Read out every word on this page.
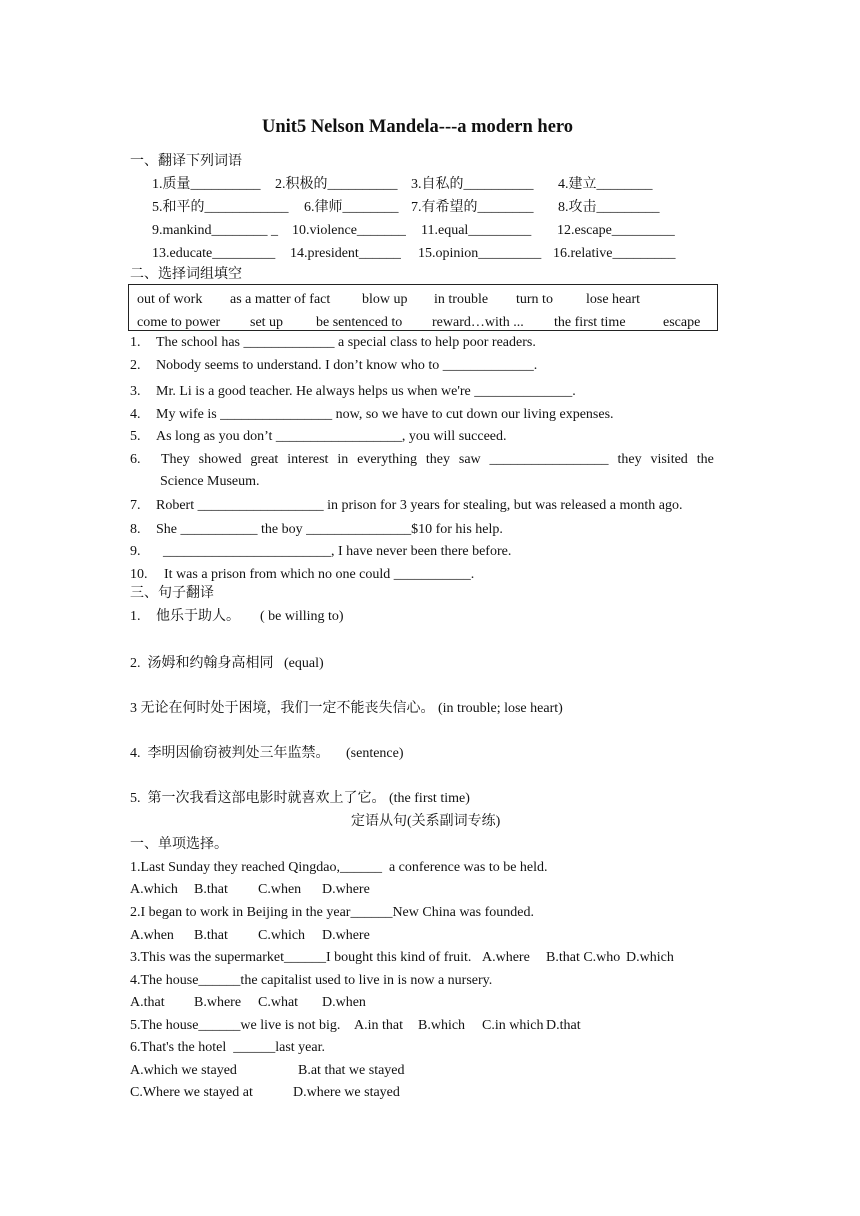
Unit5 Nelson Mandela---a modern hero
一、翻译下列词语
1.质量__________ 2.积极的__________ 3.自私的__________ 4.建立________
5.和平的____________ 6.律师________ 7.有希望的________ 8.攻击_________
9.mankind________ _ 10.violence_______ 11.equal_________ 12.escape_________
13.educate_________ 14.president______ 15.opinion_________ 16.relative_________
二、选择词组填空
out of work as a matter of fact blow up in trouble turn to lose heart
come to power set up be sentenced to reward…with ... the first time	escape
1.	The school has _____________ a special class to help poor readers.
2.	Nobody seems to understand. I don’t know who to _____________.
3.	Mr. Li is a good teacher. He always helps us when we're ______________.
4.	My wife is ________________ now, so we have to cut down our living expenses.
5.	As long as you don’t __________________, you will succeed.
6.	They showed great interest in everything they saw _________________ they visited the
Science Museum.
7.	Robert __________________ in prison for 3 years for stealing, but was released a month ago.
8.	She ___________ the boy _______________$10 for his help.
9.	________________________, I have never been there before.
10.	It was a prison from which no one could ___________.
三、句子翻译
1.	他乐于助人。	( be willing to)
2.  汤姆和约翰身高相同	(equal)
3 无论在何时处于困境，我们一定不能丧失信心。 (in trouble; lose heart)
4.  李明因偷窃被判处三年监禁。	(sentence)
5.  第一次我看这部电影时就喜欢上了它。 (the first time)
定语从句(关系副词专练)
一、单项选择。
1.Last Sunday they reached Qingdao,______  a conference was to be held.
A.which	B.that	C.when	D.where
2.I began to work in Beijing in the year______New China was founded.
A.when	B.that	C.which	D.where
3.This was the supermarket______I bought this kind of fruit.	A.where	B.that C.who	D.which
4.The house______the capitalist used to live in is now a nursery.
A.that	B.where	C.what	D.when
5.The house______we live is not big.	A.in that	B.which	C.in which	D.that
6.That's the hotel  ______last year.
A.which we stayed	B.at that we stayed
C.Where we stayed at	D.where we stayed
